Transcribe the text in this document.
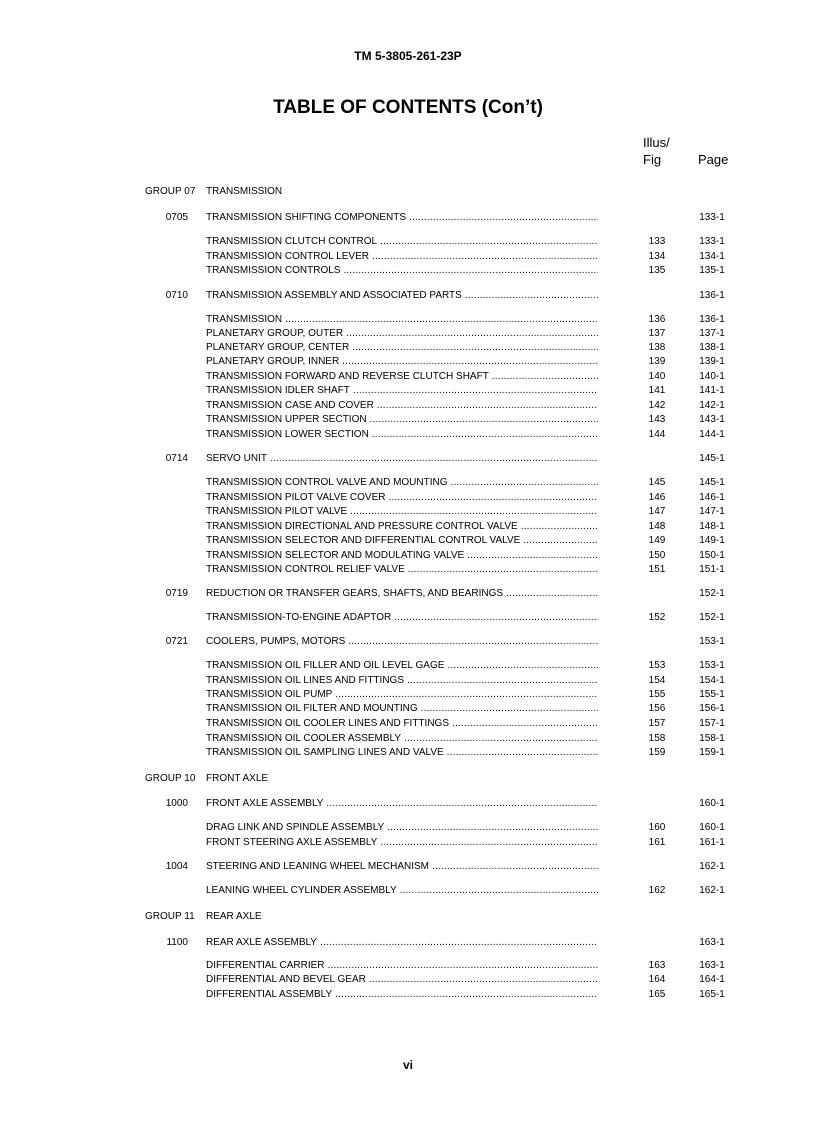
TM 5-3805-261-23P
TABLE OF CONTENTS (Con’t)
Illus/
Fig	Page
GROUP 07 TRANSMISSION
0705 TRANSMISSION SHIFTING COMPONENTS .....	133-1
TRANSMISSION CLUTCH CONTROL .....	133	133-1
TRANSMISSION CONTROL LEVER .....	134	134-1
TRANSMISSION CONTROLS .....	135	135-1
0710 TRANSMISSION ASSEMBLY AND ASSOCIATED PARTS .....	136-1
TRANSMISSION .....	136	136-1
PLANETARY GROUP, OUTER .....	137	137-1
PLANETARY GROUP, CENTER .....	138	138-1
PLANETARY GROUP, INNER .....	139	139-1
TRANSMISSION FORWARD AND REVERSE CLUTCH SHAFT .....	140	140-1
TRANSMISSION IDLER SHAFT .....	141	141-1
TRANSMISSION CASE AND COVER .....	142	142-1
TRANSMISSION UPPER SECTION .....	143	143-1
TRANSMISSION LOWER SECTION .....	144	144-1
0714 SERVO UNIT .....	145-1
TRANSMISSION CONTROL VALVE AND MOUNTING .....	145	145-1
TRANSMISSION PILOT VALVE COVER .....	146	146-1
TRANSMISSION PILOT VALVE .....	147	147-1
TRANSMISSION DIRECTIONAL AND PRESSURE CONTROL VALVE .....	148	148-1
TRANSMISSION SELECTOR AND DIFFERENTIAL CONTROL VALVE .....	149	149-1
TRANSMISSION SELECTOR AND MODULATING VALVE .....	150	150-1
TRANSMISSION CONTROL RELIEF VALVE .....	151	151-1
0719 REDUCTION OR TRANSFER GEARS, SHAFTS, AND BEARINGS .....	152-1
TRANSMISSION-TO-ENGINE ADAPTOR .....	152	152-1
0721 COOLERS, PUMPS, MOTORS .....	153-1
TRANSMISSION OIL FILLER AND OIL LEVEL GAGE .....	153	153-1
TRANSMISSION OIL LINES AND FITTINGS .....	154	154-1
TRANSMISSION OIL PUMP .....	155	155-1
TRANSMISSION OIL FILTER AND MOUNTING .....	156	156-1
TRANSMISSION OIL COOLER LINES AND FITTINGS .....	157	157-1
TRANSMISSION OIL COOLER ASSEMBLY .....	158	158-1
TRANSMISSION OIL SAMPLING LINES AND VALVE .....	159	159-1
GROUP 10 FRONT AXLE
1000 FRONT AXLE ASSEMBLY .....	160-1
DRAG LINK AND SPINDLE ASSEMBLY .....	160	160-1
FRONT STEERING AXLE ASSEMBLY .....	161	161-1
1004 STEERING AND LEANING WHEEL MECHANISM .....	162-1
LEANING WHEEL CYLINDER ASSEMBLY .....	162	162-1
GROUP 11 REAR AXLE
1100 REAR AXLE ASSEMBLY .....	163-1
DIFFERENTIAL CARRIER .....	163	163-1
DIFFERENTIAL AND BEVEL GEAR .....	164	164-1
DIFFERENTIAL ASSEMBLY .....	165	165-1
vi
